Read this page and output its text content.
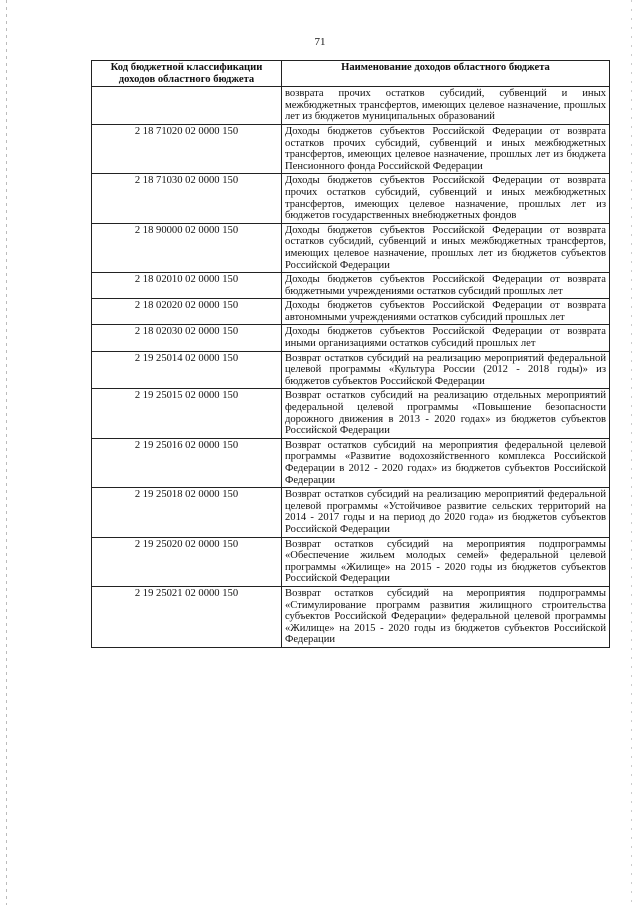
71
Код бюджетной классификации доходов областного бюджета	Наименование доходов областного бюджета
	возврата прочих остатков субсидий, субвенций и иных межбюджетных трансфертов, имеющих целевое назначение, прошлых лет из бюджетов муниципальных образований
2 18 71020 02 0000 150	Доходы бюджетов субъектов Российской Федерации от возврата остатков прочих субсидий, субвенций и иных межбюджетных трансфертов, имеющих целевое назначение, прошлых лет из бюджета Пенсионного фонда Российской Федерации
2 18 71030 02 0000 150	Доходы бюджетов субъектов Российской Федерации от возврата прочих остатков субсидий, субвенций и иных межбюджетных трансфертов, имеющих целевое назначение, прошлых лет из бюджетов государственных внебюджетных фондов
2 18 90000 02 0000 150	Доходы бюджетов субъектов Российской Федерации от возврата остатков субсидий, субвенций и иных межбюджетных трансфертов, имеющих целевое назначение, прошлых лет из бюджетов субъектов Российской Федерации
2 18 02010 02 0000 150	Доходы бюджетов субъектов Российской Федерации от возврата бюджетными учреждениями остатков субсидий прошлых лет
2 18 02020 02 0000 150	Доходы бюджетов субъектов Российской Федерации от возврата автономными учреждениями остатков субсидий прошлых лет
2 18 02030 02 0000 150	Доходы бюджетов субъектов Российской Федерации от возврата иными организациями остатков субсидий прошлых лет
2 19 25014 02 0000 150	Возврат остатков субсидий на реализацию мероприятий федеральной целевой программы «Культура России (2012 - 2018 годы)» из бюджетов субъектов Российской Федерации
2 19 25015 02 0000 150	Возврат остатков субсидий на реализацию отдельных мероприятий федеральной целевой программы «Повышение безопасности дорожного движения в 2013 - 2020 годах» из бюджетов субъектов Российской Федерации
2 19 25016 02 0000 150	Возврат остатков субсидий на мероприятия федеральной целевой программы «Развитие водохозяйственного комплекса Российской Федерации в 2012 - 2020 годах» из бюджетов субъектов Российской Федерации
2 19 25018 02 0000 150	Возврат остатков субсидий на реализацию мероприятий федеральной целевой программы «Устойчивое развитие сельских территорий на 2014 - 2017 годы и на период до 2020 года» из бюджетов субъектов Российской Федерации
2 19 25020 02 0000 150	Возврат остатков субсидий на мероприятия подпрограммы «Обеспечение жильем молодых семей» федеральной целевой программы «Жилище» на 2015 - 2020 годы из бюджетов субъектов Российской Федерации
2 19 25021 02 0000 150	Возврат остатков субсидий на мероприятия подпрограммы «Стимулирование программ развития жилищного строительства субъектов Российской Федерации» федеральной целевой программы «Жилище» на 2015 - 2020 годы из бюджетов субъектов Российской Федерации
